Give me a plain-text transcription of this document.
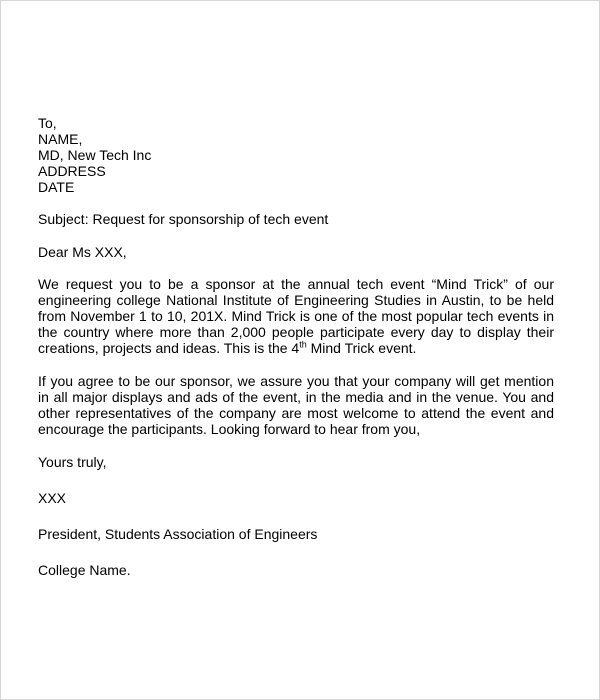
To,
NAME,
MD, New Tech Inc
ADDRESS
DATE

Subject: Request for sponsorship of tech event

Dear Ms XXX,

We request you to be a sponsor at the annual tech event “Mind Trick” of our engineering college National Institute of Engineering Studies in Austin, to be held from November 1 to 10, 201X. Mind Trick is one of the most popular tech events in the country where more than 2,000 people participate every day to display their creations, projects and ideas. This is the 4th Mind Trick event.

If you agree to be our sponsor, we assure you that your company will get mention in all major displays and ads of the event, in the media and in the venue. You and other representatives of the company are most welcome to attend the event and encourage the participants. Looking forward to hear from you,

Yours truly,

XXX

President, Students Association of Engineers

College Name.
